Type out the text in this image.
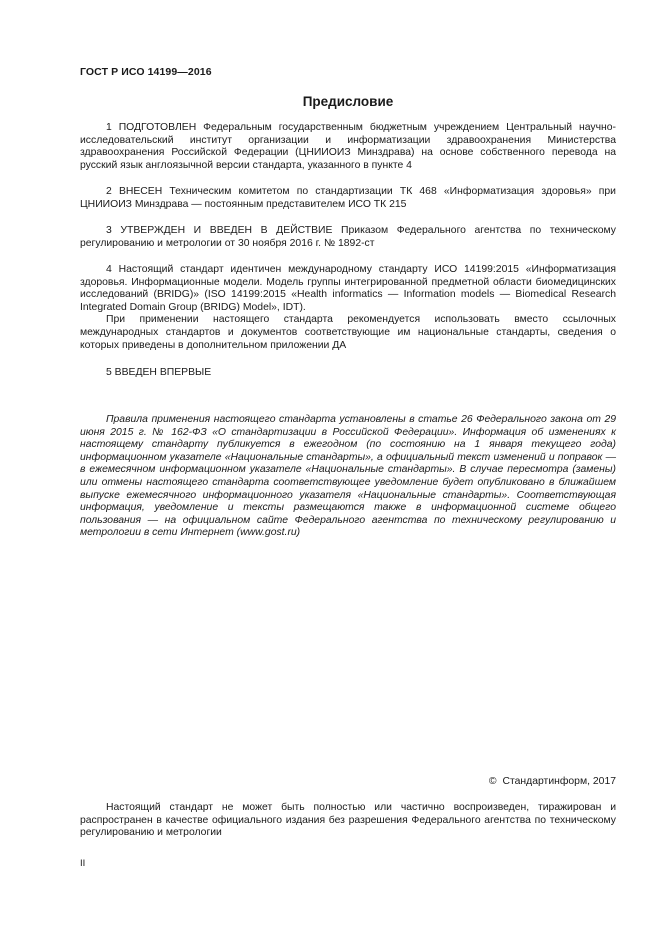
ГОСТ Р ИСО 14199—2016
Предисловие

1 ПОДГОТОВЛЕН Федеральным государственным бюджетным учреждением Центральный научно-исследовательский институт организации и информатизации здравоохранения Министерства здравоохранения Российской Федерации (ЦНИИОИЗ Минздрава) на основе собственного перевода на русский язык англоязычной версии стандарта, указанного в пункте 4

2 ВНЕСЕН Техническим комитетом по стандартизации ТК 468 «Информатизация здоровья» при ЦНИИОИЗ Минздрава — постоянным представителем ИСО ТК 215

3 УТВЕРЖДЕН И ВВЕДЕН В ДЕЙСТВИЕ Приказом Федерального агентства по техническому регулированию и метрологии от 30 ноября 2016 г. № 1892-ст

4 Настоящий стандарт идентичен международному стандарту ИСО 14199:2015 «Информатизация здоровья. Информационные модели. Модель группы интегрированной предметной области биомедицинских исследований (BRIDG)» (ISO 14199:2015 «Health informatics — Information models — Biomedical Research Integrated Domain Group (BRIDG) Model», IDT).

При применении настоящего стандарта рекомендуется использовать вместо ссылочных международных стандартов и документов соответствующие им национальные стандарты, сведения о которых приведены в дополнительном приложении ДА

5 ВВЕДЕН ВПЕРВЫЕ

Правила применения настоящего стандарта установлены в статье 26 Федерального закона от 29 июня 2015 г. № 162-ФЗ «О стандартизации в Российской Федерации». Информация об изменениях к настоящему стандарту публикуется в ежегодном (по состоянию на 1 января текущего года) информационном указателе «Национальные стандарты», а официальный текст изменений и поправок — в ежемесячном информационном указателе «Национальные стандарты». В случае пересмотра (замены) или отмены настоящего стандарта соответствующее уведомление будет опубликовано в ближайшем выпуске ежемесячного информационного указателя «Национальные стандарты». Соответствующая информация, уведомление и тексты размещаются также в информационной системе общего пользования — на официальном сайте Федерального агентства по техническому регулированию и метрологии в сети Интернет (www.gost.ru)
© Стандартинформ, 2017
Настоящий стандарт не может быть полностью или частично воспроизведен, тиражирован и распространен в качестве официального издания без разрешения Федерального агентства по техническому регулированию и метрологии
II
